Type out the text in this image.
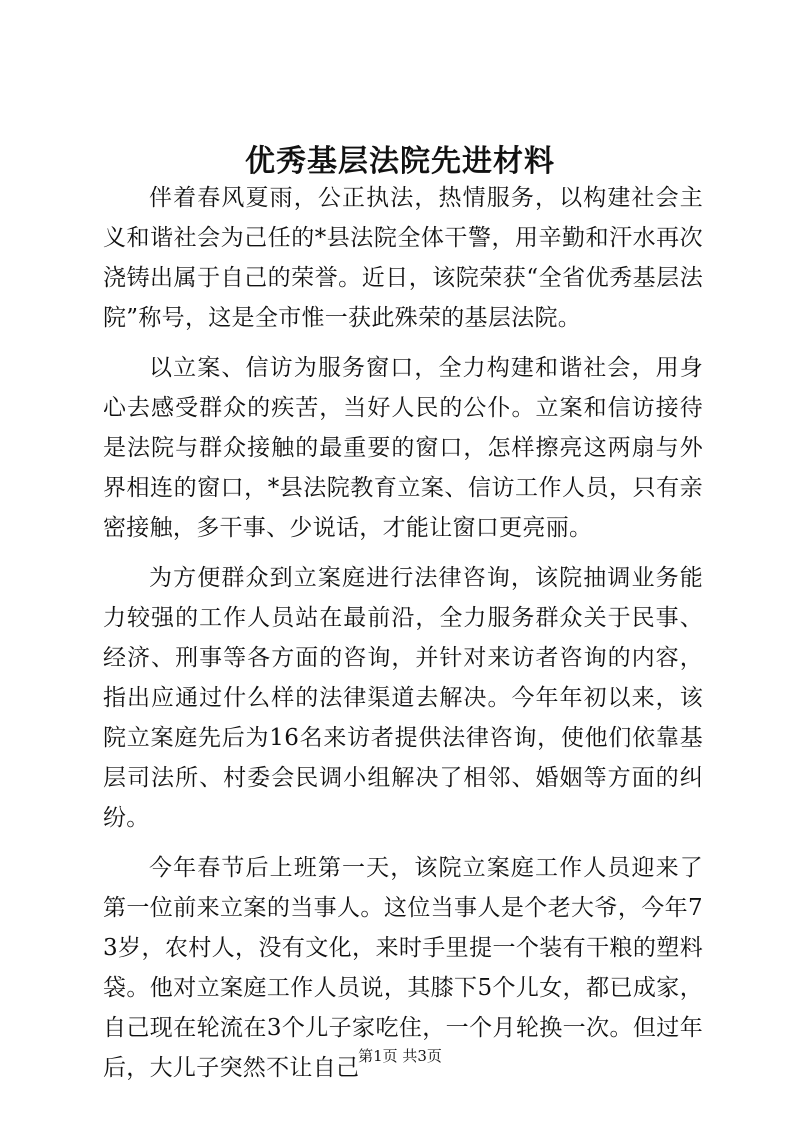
优秀基层法院先进材料

伴着春风夏雨，公正执法，热情服务，以构建社会主义和谐社会为己任的*县法院全体干警，用辛勤和汗水再次浇铸出属于自己的荣誉。近日，该院荣获“全省优秀基层法院”称号，这是全市惟一获此殊荣的基层法院。

以立案、信访为服务窗口，全力构建和谐社会，用身心去感受群众的疾苦，当好人民的公仆。立案和信访接待是法院与群众接触的最重要的窗口，怎样擦亮这两扇与外界相连的窗口，*县法院教育立案、信访工作人员，只有亲密接触，多干事、少说话，才能让窗口更亮丽。

为方便群众到立案庭进行法律咨询，该院抽调业务能力较强的工作人员站在最前沿，全力服务群众关于民事、经济、刑事等各方面的咨询，并针对来访者咨询的内容，指出应通过什么样的法律渠道去解决。今年年初以来，该院立案庭先后为16名来访者提供法律咨询，使他们依靠基层司法所、村委会民调小组解决了相邻、婚姻等方面的纠纷。

今年春节后上班第一天，该院立案庭工作人员迎来了第一位前来立案的当事人。这位当事人是个老大爷，今年73岁，农村人，没有文化，来时手里提一个装有干粮的塑料袋。他对立案庭工作人员说，其膝下5个儿女，都已成家，自己现在轮流在3个儿子家吃住，一个月轮换一次。但过年后，大儿子突然不让自己

第1页 共3页
